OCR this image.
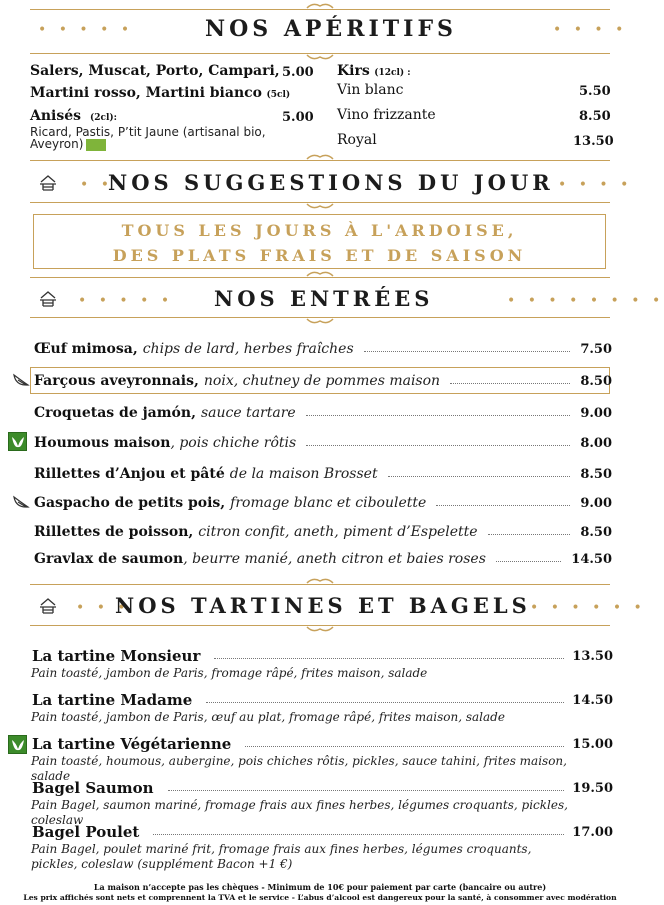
• • • • •	NOS APÉRITIFS	• • • •
Salers, Muscat, Porto, Campari, 5.00
Martini rosso, Martini bianco (5cl)
Anisés (2cl):	5.00
Ricard, Pastis, P’tit Jaune (artisanal bio, Aveyron)
Kirs (12cl) :
Vin blanc	5.50
Vino frizzante	8.50
Royal	13.50
• •
NOS SUGGESTIONS DU JOUR • • • •
TOUS LES JOURS À L'ARDOISE,
DES PLATS FRAIS ET DE SAISON
• • • • • NOS ENTRÉES	• • • • • • • •
Œuf mimosa, chips de lard, herbes fraîches	7.50
Farçous aveyronnais, noix, chutney de pommes maison	8.50
Croquetas de jamón, sauce tartare	9.00
Houmous maison , pois chiche rôtis	8.00
Rillettes d’Anjou et pâté de la maison Brosset	8.50
Gaspacho de petits pois, fromage blanc et ciboulette	9.00
Rillettes de poisson, citron confit, aneth, piment d’Espelette	8.50
Gravlax de saumon , beurre manié, aneth citron et baies roses	14.50
• • •
NOS TARTINES ET BAGELS • • • • • •
La tartine Monsieur	13.50
Pain toasté, jambon de Paris, fromage râpé, frites maison, salade
La tartine Madame	14.50
Pain toasté, jambon de Paris, œuf au plat, fromage râpé, frites maison, salade
La tartine Végétarienne	15.00
Pain toasté, houmous, aubergine, pois chiches rôtis, pickles, sauce tahini, frites maison, salade
Bagel Saumon	19.50
Pain Bagel, saumon mariné, fromage frais aux fines herbes, légumes croquants, pickles, coleslaw
Bagel Poulet	17.00
Pain Bagel, poulet mariné frit, fromage frais aux fines herbes, légumes croquants, pickles, coleslaw (supplément Bacon +1 €)
La maison n’accepte pas les chèques - Minimum de 10€ pour paiement par carte (bancaire ou autre)
Les prix affichés sont nets et comprennent la TVA et le service - L’abus d’alcool est dangereux pour la santé, à consommer avec modération
